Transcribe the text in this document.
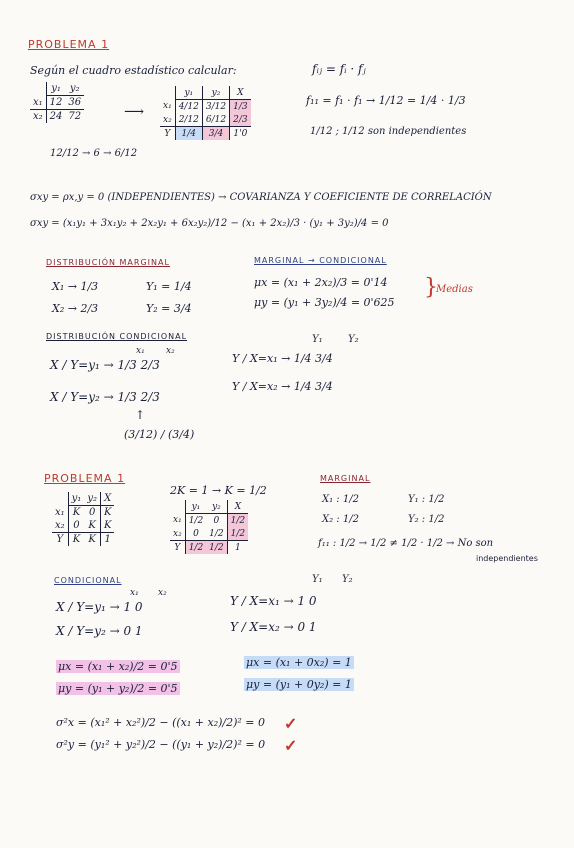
PROBLEMA 1
Según el cuadro estadístico calcular:
	y₁	y₂
x₁	12	36
x₂	24	72	⟶
	y₁	y₂	X
x₁	4/12	3/12	1/3
x₂	2/12	6/12	2/3
Y	1/4	3/4	1'0
12/12 → 6 → 6/12
fᵢⱼ = fᵢ · fⱼ
f₁₁ = f₁ · f₁ → 1/12 = 1/4 · 1/3
1/12 ; 1/12 son independientes
σxy = ρx,y = 0 (INDEPENDIENTES) → COVARIANZA Y COEFICIENTE DE CORRELACIÓN
σxy = (x₁y₁ + 3x₁y₂ + 2x₂y₁ + 6x₂y₂)/12 − (x₁ + 2x₂)/3 · (y₁ + 3y₂)/4 = 0
DISTRIBUCIÓN MARGINAL	MARGINAL → CONDICIONAL
X₁ → 1/3
X₂ → 2/3
Y₁ = 1/4
Y₂ = 3/4
μx = (x₁ + 2x₂)/3 = 0'14
μy = (y₁ + 3y₂)/4 = 0'625
}
Medias
DISTRIBUCIÓN CONDICIONAL
x₁ x₂
Y₁	Y₂
X / Y=y₁ → 1/3 2/3
X / Y=y₂ → 1/3 2/3
Y / X=x₁ → 1/4 3/4
Y / X=x₂ → 1/4 3/4
↑
(3/12) / (3/4)
PROBLEMA 1
	y₁	y₂	X
x₁	K	0	K
x₂	0	K	K
Y	K	K	1
2K = 1 → K = 1/2
	y₁	y₂	X
x₁	1/2	0	1/2
x₂	0	1/2	1/2
Y	1/2	1/2	1
MARGINAL
X₁ : 1/2
X₂ : 1/2
Y₁ : 1/2
Y₂ : 1/2
f₁₁ : 1/2 → 1/2 ≠ 1/2 · 1/2 → No son
independientes
CONDICIONAL
x₁ x₂
Y₁ Y₂
X / Y=y₁ → 1 0
X / Y=y₂ → 0 1
Y / X=x₁ → 1 0
Y / X=x₂ → 0 1
μx = (x₁ + x₂)/2 = 0'5
μy = (y₁ + y₂)/2 = 0'5
μx = (x₁ + 0x₂) = 1
μy = (y₁ + 0y₂) = 1
σ²x = (x₁² + x₂²)/2 − ((x₁ + x₂)/2)² = 0 ✓
σ²y = (y₁² + y₂²)/2 − ((y₁ + y₂)/2)² = 0 ✓
